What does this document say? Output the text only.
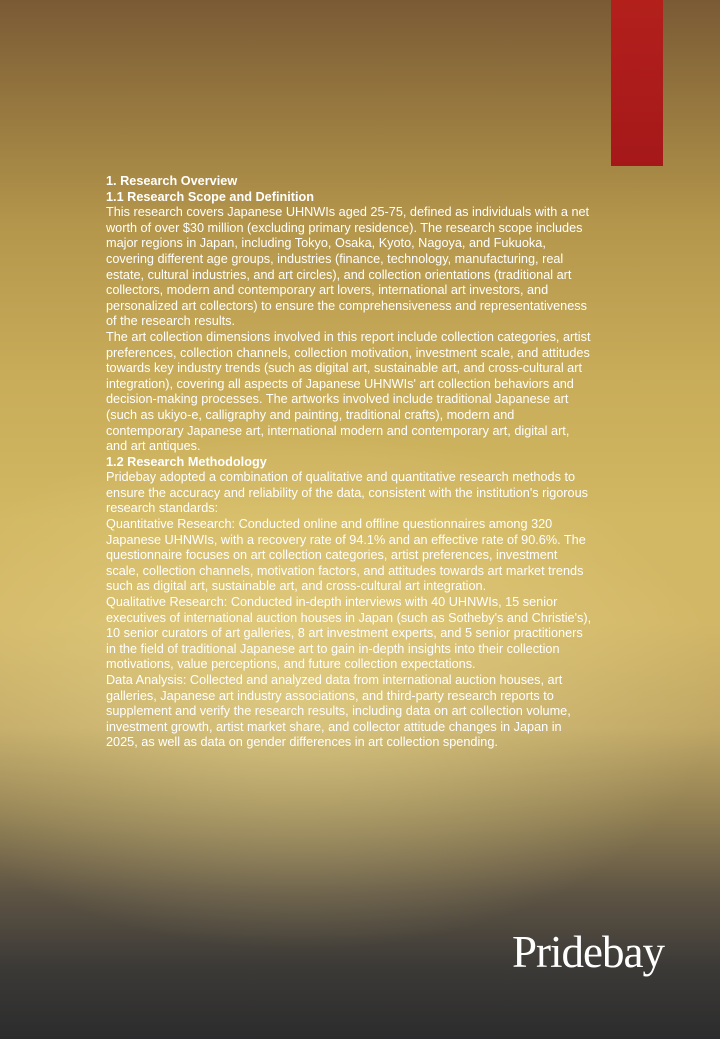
1. Research Overview
1.1 Research Scope and Definition

This research covers Japanese UHNWIs aged 25-75, defined as individuals with a net worth of over $30 million (excluding primary residence). The research scope includes major regions in Japan, including Tokyo, Osaka, Kyoto, Nagoya, and Fukuoka, covering different age groups, industries (finance, technology, manufacturing, real estate, cultural industries, and art circles), and collection orientations (traditional art collectors, modern and contemporary art lovers, international art investors, and personalized art collectors) to ensure the comprehensiveness and representativeness of the research results.

The art collection dimensions involved in this report include collection categories, artist preferences, collection channels, collection motivation, investment scale, and attitudes towards key industry trends (such as digital art, sustainable art, and cross-cultural art integration), covering all aspects of Japanese UHNWIs' art collection behaviors and decision-making processes. The artworks involved include traditional Japanese art (such as ukiyo-e, calligraphy and painting, traditional crafts), modern and contemporary Japanese art, international modern and contemporary art, digital art, and art antiques.

1.2 Research Methodology

Pridebay adopted a combination of qualitative and quantitative research methods to ensure the accuracy and reliability of the data, consistent with the institution's rigorous research standards:

Quantitative Research: Conducted online and offline questionnaires among 320 Japanese UHNWIs, with a recovery rate of 94.1% and an effective rate of 90.6%. The questionnaire focuses on art collection categories, artist preferences, investment scale, collection channels, motivation factors, and attitudes towards art market trends such as digital art, sustainable art, and cross-cultural art integration.

Qualitative Research: Conducted in-depth interviews with 40 UHNWIs, 15 senior executives of international auction houses in Japan (such as Sotheby's and Christie's), 10 senior curators of art galleries, 8 art investment experts, and 5 senior practitioners in the field of traditional Japanese art to gain in-depth insights into their collection motivations, value perceptions, and future collection expectations.

Data Analysis: Collected and analyzed data from international auction houses, art galleries, Japanese art industry associations, and third-party research reports to supplement and verify the research results, including data on art collection volume, investment growth, artist market share, and collector attitude changes in Japan in 2025, as well as data on gender differences in art collection spending.

Pridebay
